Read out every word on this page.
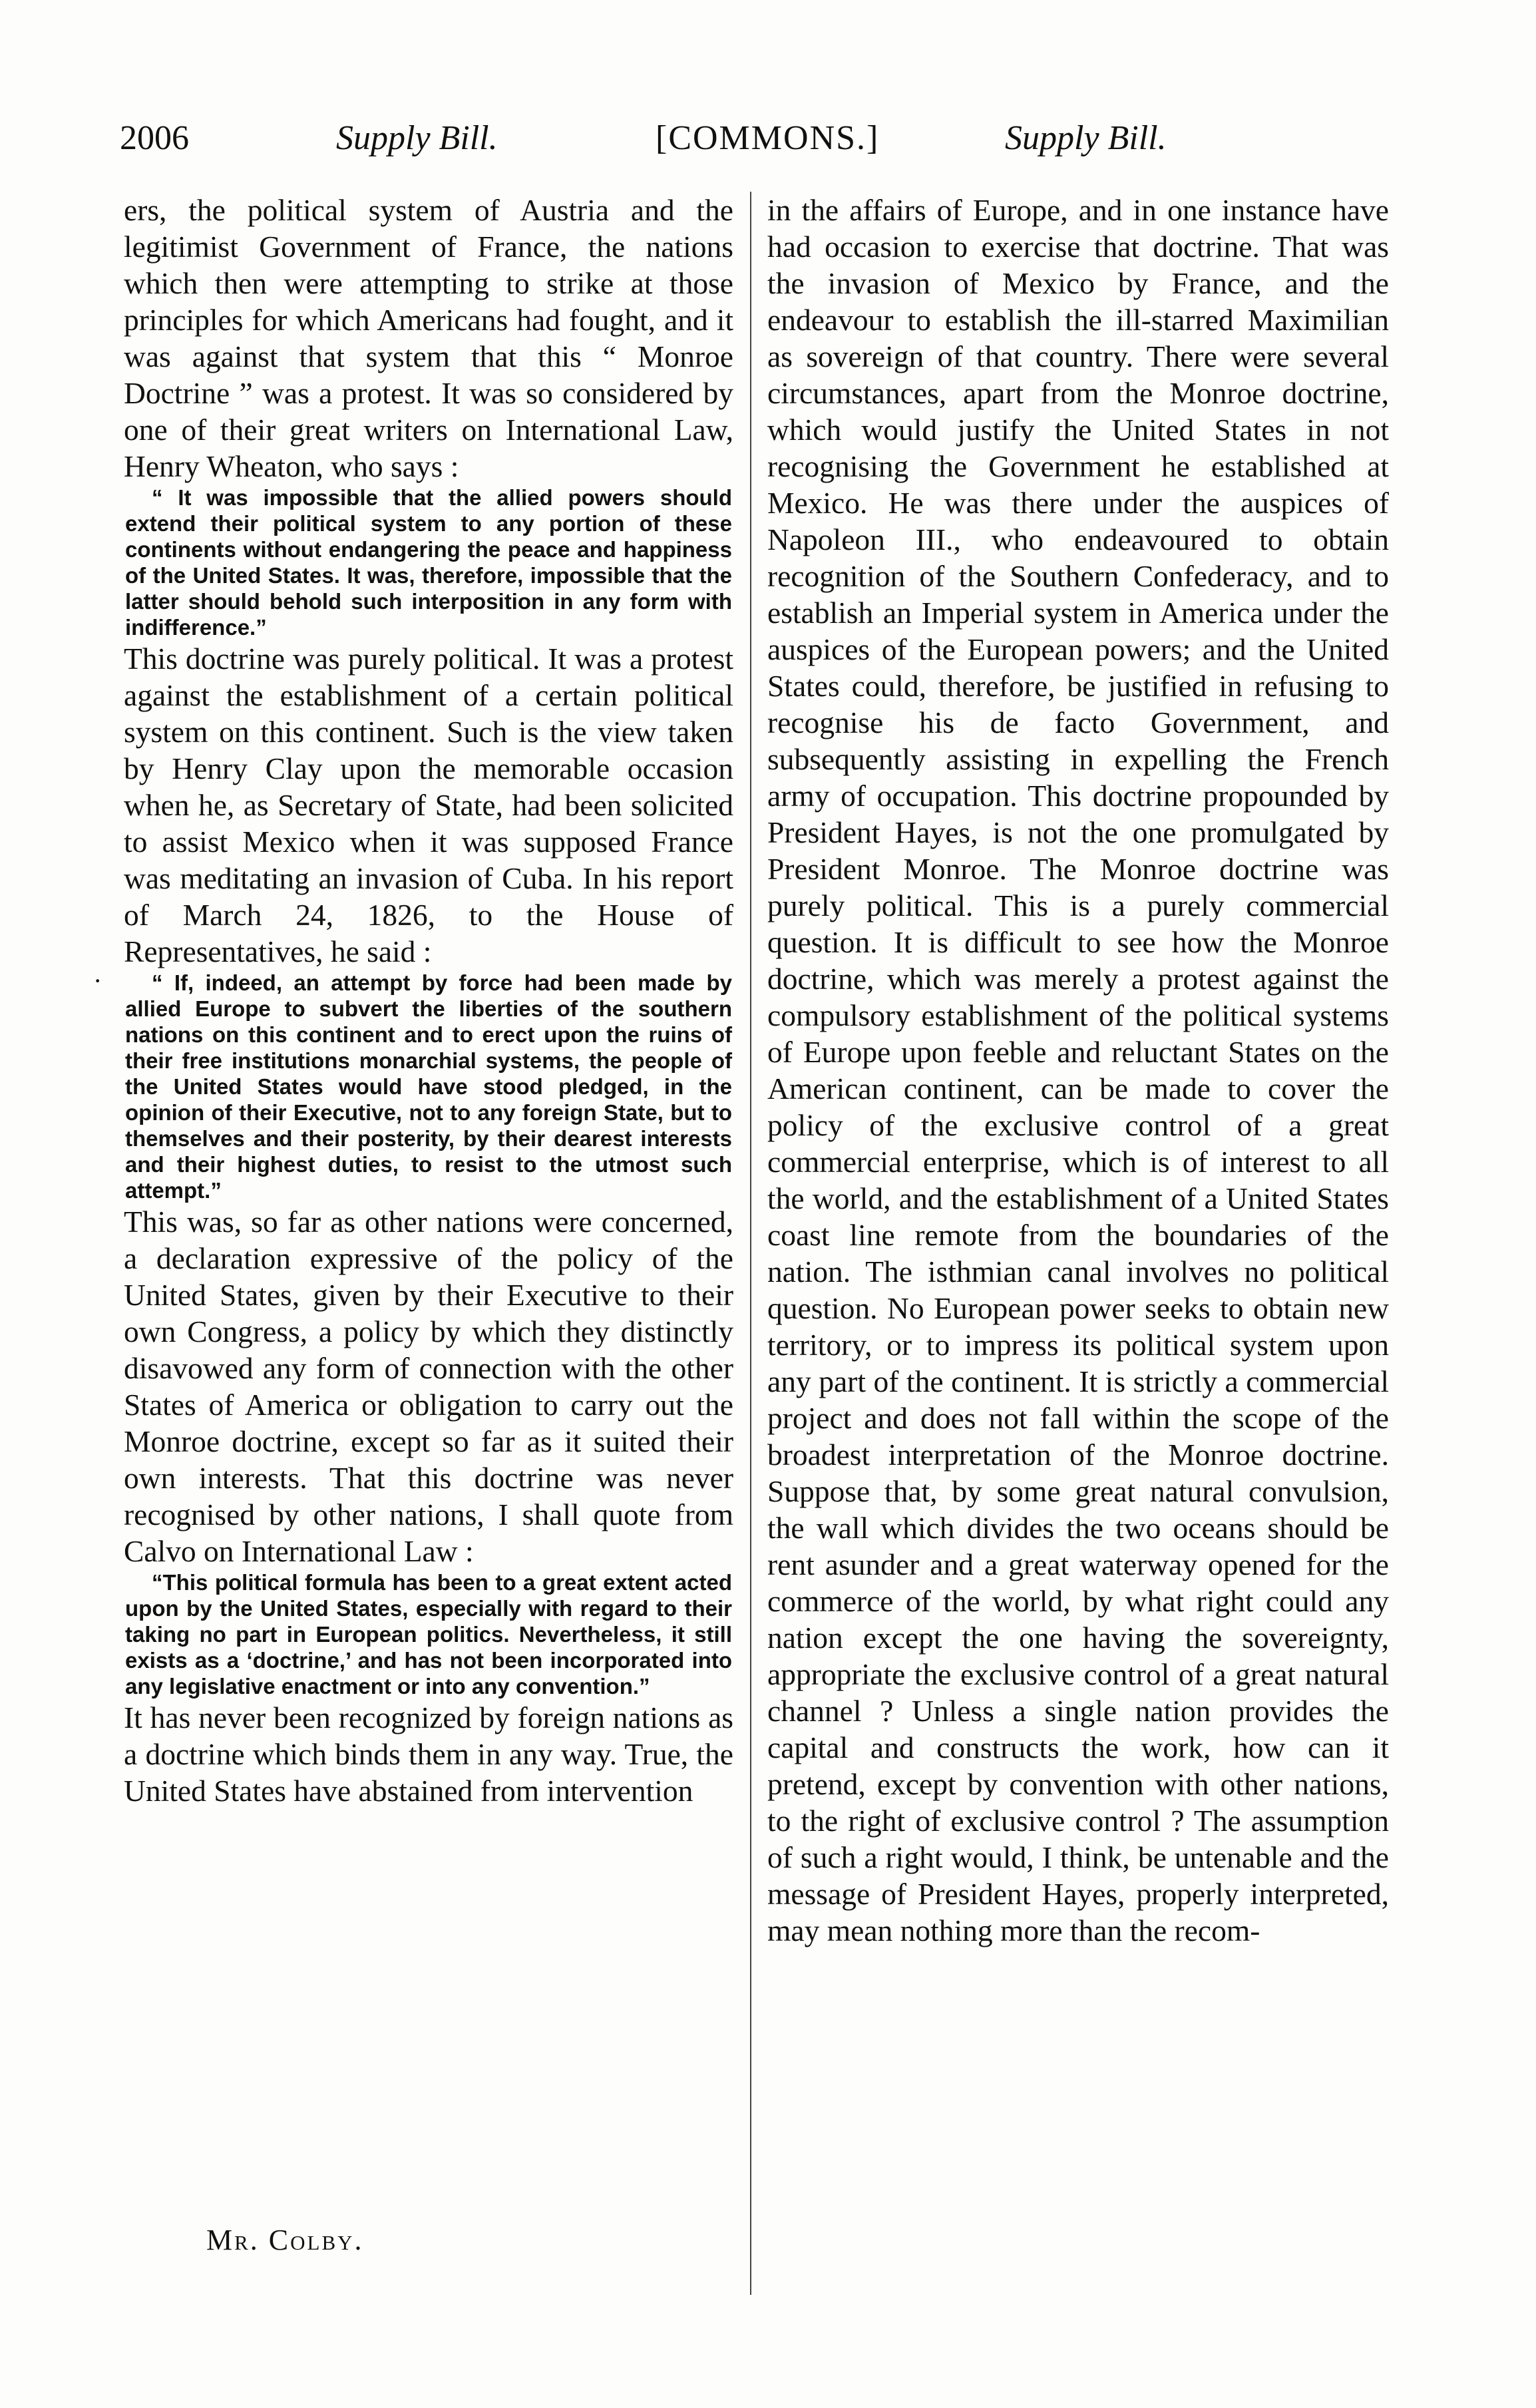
2006	Supply Bill.	[COMMONS.]	Supply Bill.
·

ers, the political system of Austria and the legitimist Government of France, the nations which then were attempting to strike at those principles for which Americans had fought, and it was against that system that this “ Monroe Doctrine ” was a protest. It was so considered by one of their great writers on International Law, Henry Wheaton, who says :

“ It was impossible that the allied powers should extend their political system to any portion of these continents without endangering the peace and happiness of the United States. It was, therefore, impossible that the latter should behold such interposition in any form with indifference.”

This doctrine was purely political. It was a protest against the establishment of a certain political system on this continent. Such is the view taken by Henry Clay upon the memorable occasion when he, as Secretary of State, had been solicited to assist Mexico when it was supposed France was meditating an invasion of Cuba. In his report of March 24, 1826, to the House of Representatives, he said :

“ If, indeed, an attempt by force had been made by allied Europe to subvert the liberties of the southern nations on this continent and to erect upon the ruins of their free institutions monarchial systems, the people of the United States would have stood pledged, in the opinion of their Executive, not to any foreign State, but to themselves and their posterity, by their dearest interests and their highest duties, to resist to the utmost such attempt.”

This was, so far as other nations were concerned, a declaration expressive of the policy of the United States, given by their Executive to their own Congress, a policy by which they distinctly disavowed any form of connection with the other States of America or obligation to carry out the Monroe doctrine, except so far as it suited their own interests. That this doctrine was never recognised by other nations, I shall quote from Calvo on International Law :

“This political formula has been to a great extent acted upon by the United States, especially with regard to their taking no part in European politics. Nevertheless, it still exists as a ‘doctrine,’ and has not been incorporated into any legislative enactment or into any convention.”

It has never been recognized by foreign nations as a doctrine which binds them in any way. True, the United States have abstained from intervention

in the affairs of Europe, and in one instance have had occasion to exercise that doctrine. That was the invasion of Mexico by France, and the endeavour to establish the ill-starred Maximilian as sovereign of that country. There were several circumstances, apart from the Monroe doctrine, which would justify the United States in not recognising the Government he established at Mexico. He was there under the auspices of Napoleon III., who endeavoured to obtain recognition of the Southern Confederacy, and to establish an Imperial system in America under the auspices of the European powers; and the United States could, therefore, be justified in refusing to recognise his de facto Government, and subsequently assisting in expelling the French army of occupation. This doctrine propounded by President Hayes, is not the one promulgated by President Monroe. The Monroe doctrine was purely political. This is a purely commercial question. It is difficult to see how the Monroe doctrine, which was merely a protest against the compulsory establishment of the political systems of Europe upon feeble and reluctant States on the American continent, can be made to cover the policy of the exclusive control of a great commercial enterprise, which is of interest to all the world, and the establishment of a United States coast line remote from the boundaries of the nation. The isthmian canal involves no political question. No European power seeks to obtain new territory, or to impress its political system upon any part of the continent. It is strictly a commercial project and does not fall within the scope of the broadest interpretation of the Monroe doctrine. Suppose that, by some great natural convulsion, the wall which divides the two oceans should be rent asunder and a great waterway opened for the commerce of the world, by what right could any nation except the one having the sovereignty, appropriate the exclusive control of a great natural channel ? Unless a single nation provides the capital and constructs the work, how can it pretend, except by convention with other nations, to the right of exclusive control ? The assumption of such a right would, I think, be untenable and the message of President Hayes, properly interpreted, may mean nothing more than the recom-

Mr. Colby.
